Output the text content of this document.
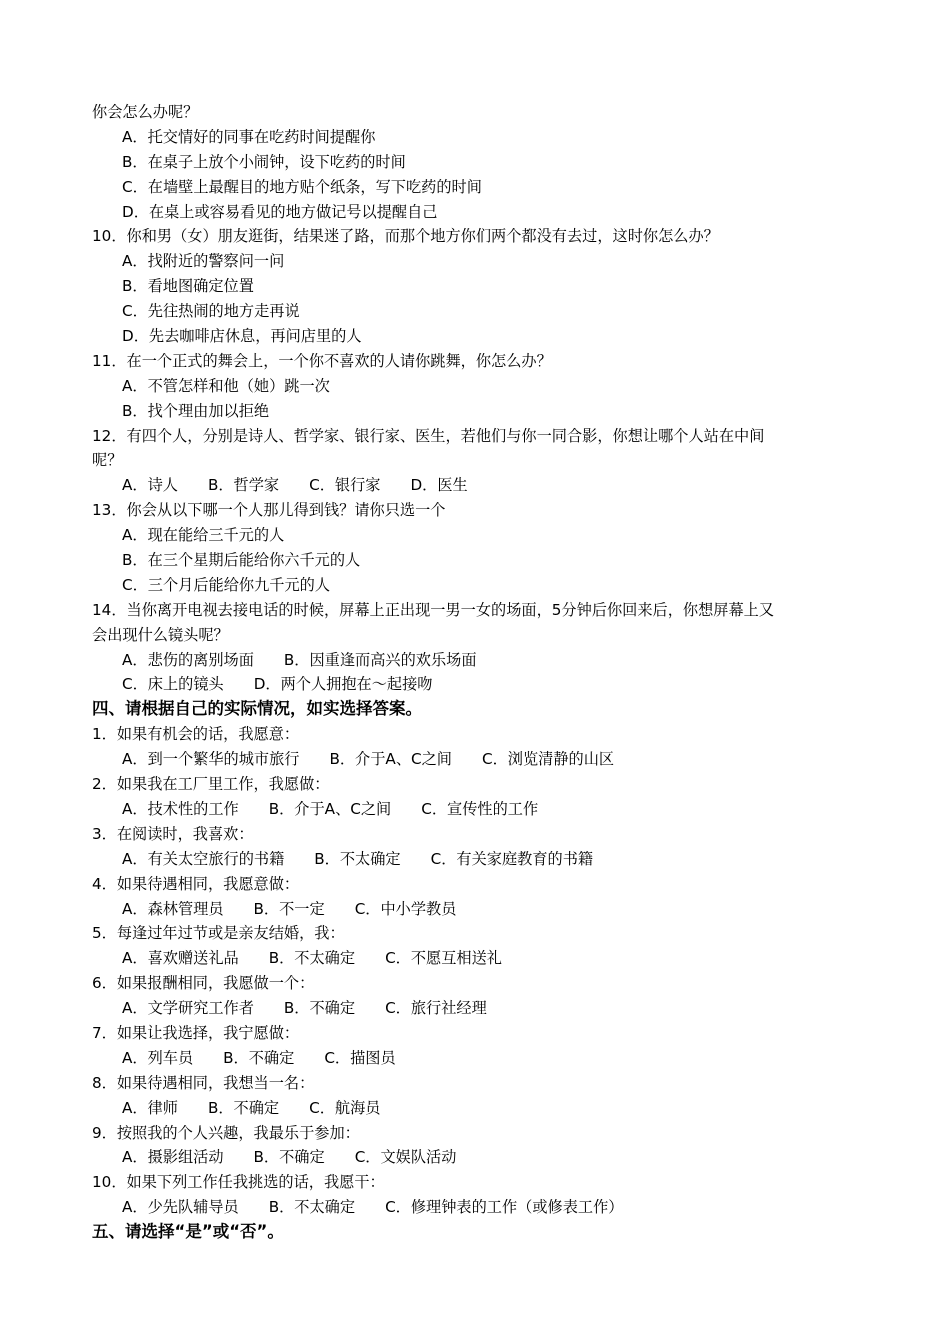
你会怎么办呢？
A．托交情好的同事在吃药时间提醒你
B．在桌子上放个小闹钟，设下吃药的时间
C．在墙壁上最醒目的地方贴个纸条，写下吃药的时间
D．在桌上或容易看见的地方做记号以提醒自己
10．你和男（女）朋友逛街，结果迷了路，而那个地方你们两个都没有去过，这时你怎么办？
A．找附近的警察问一问
B．看地图确定位置
C．先往热闹的地方走再说
D．先去咖啡店休息，再问店里的人
11．在一个正式的舞会上，一个你不喜欢的人请你跳舞，你怎么办？
A．不管怎样和他（她）跳一次
B．找个理由加以拒绝
12．有四个人，分别是诗人、哲学家、银行家、医生，若他们与你一同合影，你想让哪个人站在中间
呢？
A．诗人 B．哲学家 C．银行家 D．医生
13．你会从以下哪一个人那儿得到钱？请你只选一个
A．现在能给三千元的人
B．在三个星期后能给你六千元的人
C．三个月后能给你九千元的人
14．当你离开电视去接电话的时候，屏幕上正出现一男一女的场面，5分钟后你回来后，你想屏幕上又
会出现什么镜头呢？
A．悲伤的离别场面 B．因重逢而高兴的欢乐场面
C．床上的镜头 D．两个人拥抱在～起接吻
四、请根据自己的实际情况，如实选择答案。
1．如果有机会的话，我愿意：
A．到一个繁华的城市旅行 B．介于A、C之间 C．浏览清静的山区
2．如果我在工厂里工作，我愿做：
A．技术性的工作 B．介于A、C之间 C．宣传性的工作
3．在阅读时，我喜欢：
A．有关太空旅行的书籍 B．不太确定 C．有关家庭教育的书籍
4．如果待遇相同，我愿意做：
A．森林管理员 B．不一定 C．中小学教员
5．每逢过年过节或是亲友结婚，我：
A．喜欢赠送礼品 B．不太确定 C．不愿互相送礼
6．如果报酬相同，我愿做一个：
A．文学研究工作者 B．不确定 C．旅行社经理
7．如果让我选择，我宁愿做：
A．列车员 B．不确定 C．描图员
8．如果待遇相同，我想当一名：
A．律师 B．不确定 C．航海员
9．按照我的个人兴趣，我最乐于参加：
A．摄影组活动 B．不确定 C．文娱队活动
10．如果下列工作任我挑选的话，我愿干：
A．少先队辅导员 B．不太确定 C．修理钟表的工作（或修表工作）
五、请选择“是”或“否”。
